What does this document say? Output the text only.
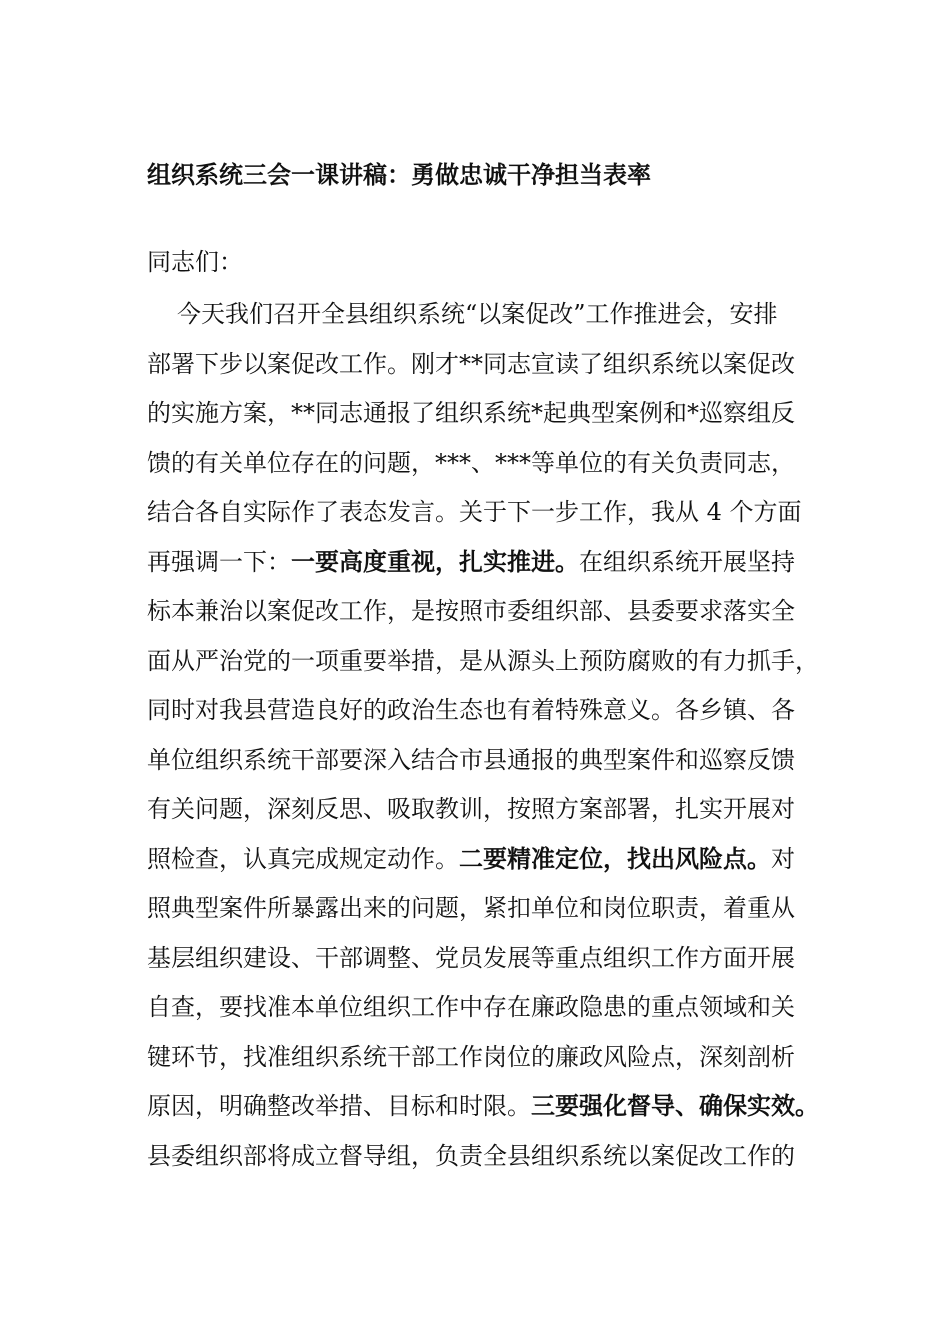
组织系统三会一课讲稿：勇做忠诚干净担当表率
同志们：
今天我们召开全县组织系统“以案促改”工作推进会，安排
部署下步以案促改工作。刚才**同志宣读了组织系统以案促改
的实施方案，**同志通报了组织系统*起典型案例和*巡察组反
馈的有关单位存在的问题，***、***等单位的有关负责同志，
结合各自实际作了表态发言。关于下一步工作，我从 4 个方面
再强调一下：一要高度重视，扎实推进。在组织系统开展坚持
标本兼治以案促改工作，是按照市委组织部、县委要求落实全
面从严治党的一项重要举措，是从源头上预防腐败的有力抓手，
同时对我县营造良好的政治生态也有着特殊意义。各乡镇、各
单位组织系统干部要深入结合市县通报的典型案件和巡察反馈
有关问题，深刻反思、吸取教训，按照方案部署，扎实开展对
照检查，认真完成规定动作。二要精准定位，找出风险点。对
照典型案件所暴露出来的问题，紧扣单位和岗位职责，着重从
基层组织建设、干部调整、党员发展等重点组织工作方面开展
自查，要找准本单位组织工作中存在廉政隐患的重点领域和关
键环节，找准组织系统干部工作岗位的廉政风险点，深刻剖析
原因，明确整改举措、目标和时限。三要强化督导、确保实效。
县委组织部将成立督导组，负责全县组织系统以案促改工作的
